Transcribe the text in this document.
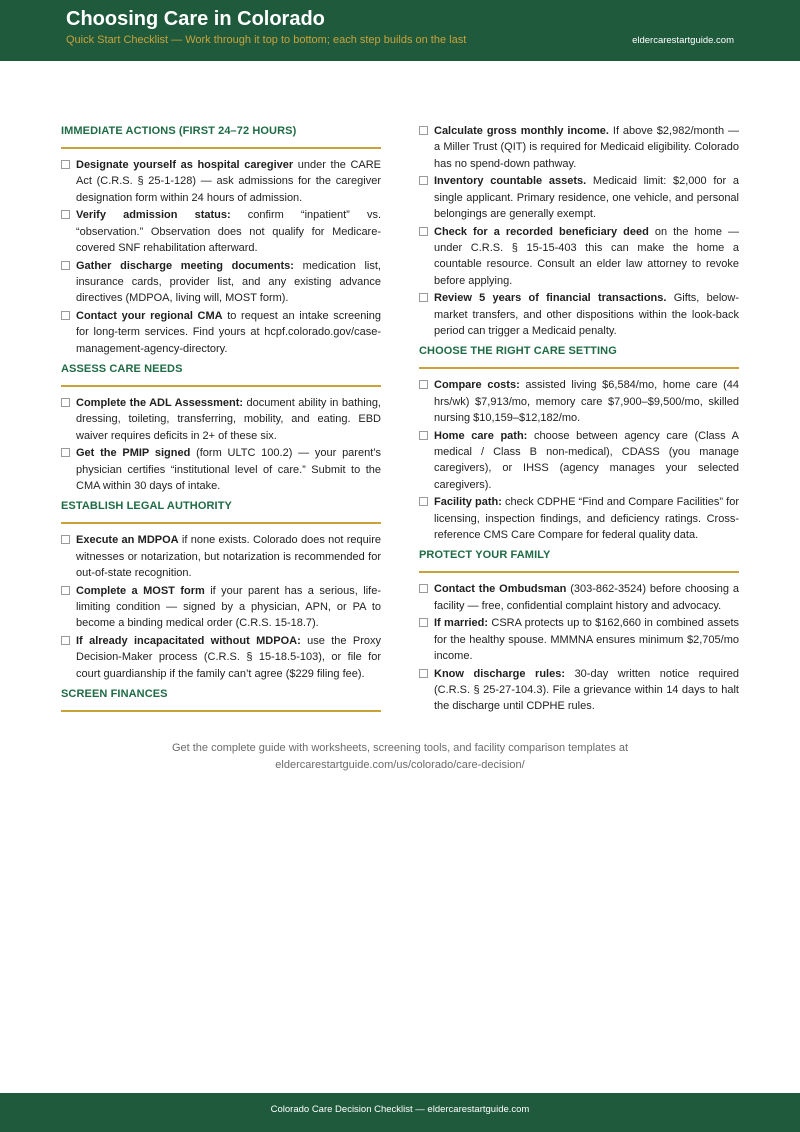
Choosing Care in Colorado
Quick Start Checklist — Work through it top to bottom; each step builds on the last	eldercarestartguide.com
IMMEDIATE ACTIONS (FIRST 24–72 HOURS)
Designate yourself as hospital caregiver under the CARE Act (C.R.S. § 25-1-128) — ask admissions for the caregiver designation form within 24 hours of admission.
Verify admission status: confirm “inpatient” vs. “observation.” Observation does not qualify for Medicare-covered SNF rehabilitation afterward.
Gather discharge meeting documents: medication list, insurance cards, provider list, and any existing advance directives (MDPOA, living will, MOST form).
Contact your regional CMA to request an intake screening for long-term services. Find yours at hcpf.colorado.gov/case-management-agency-directory.
ASSESS CARE NEEDS
Complete the ADL Assessment: document ability in bathing, dressing, toileting, transferring, mobility, and eating. EBD waiver requires deficits in 2+ of these six.
Get the PMIP signed (form ULTC 100.2) — your parent’s physician certifies “institutional level of care.” Submit to the CMA within 30 days of intake.
ESTABLISH LEGAL AUTHORITY
Execute an MDPOA if none exists. Colorado does not require witnesses or notarization, but notarization is recommended for out-of-state recognition.
Complete a MOST form if your parent has a serious, life-limiting condition — signed by a physician, APN, or PA to become a binding medical order (C.R.S. 15-18.7).
If already incapacitated without MDPOA: use the Proxy Decision-Maker process (C.R.S. § 15-18.5-103), or file for court guardianship if the family can’t agree ($229 filing fee).
SCREEN FINANCES
Calculate gross monthly income. If above $2,982/month — a Miller Trust (QIT) is required for Medicaid eligibility. Colorado has no spend-down pathway.
Inventory countable assets. Medicaid limit: $2,000 for a single applicant. Primary residence, one vehicle, and personal belongings are generally exempt.
Check for a recorded beneficiary deed on the home — under C.R.S. § 15-15-403 this can make the home a countable resource. Consult an elder law attorney to revoke before applying.
Review 5 years of financial transactions. Gifts, below-market transfers, and other dispositions within the look-back period can trigger a Medicaid penalty.
CHOOSE THE RIGHT CARE SETTING
Compare costs: assisted living $6,584/mo, home care (44 hrs/wk) $7,913/mo, memory care $7,900–$9,500/mo, skilled nursing $10,159–$12,182/mo.
Home care path: choose between agency care (Class A medical / Class B non-medical), CDASS (you manage caregivers), or IHSS (agency manages your selected caregivers).
Facility path: check CDPHE “Find and Compare Facilities” for licensing, inspection findings, and deficiency ratings. Cross-reference CMS Care Compare for federal quality data.
PROTECT YOUR FAMILY
Contact the Ombudsman (303-862-3524) before choosing a facility — free, confidential complaint history and advocacy.
If married: CSRA protects up to $162,660 in combined assets for the healthy spouse. MMMNA ensures minimum $2,705/mo income.
Know discharge rules: 30-day written notice required (C.R.S. § 25-27-104.3). File a grievance within 14 days to halt the discharge until CDPHE rules.
Get the complete guide with worksheets, screening tools, and facility comparison templates at
eldercarestartguide.com/us/colorado/care-decision/
Colorado Care Decision Checklist — eldercarestartguide.com
